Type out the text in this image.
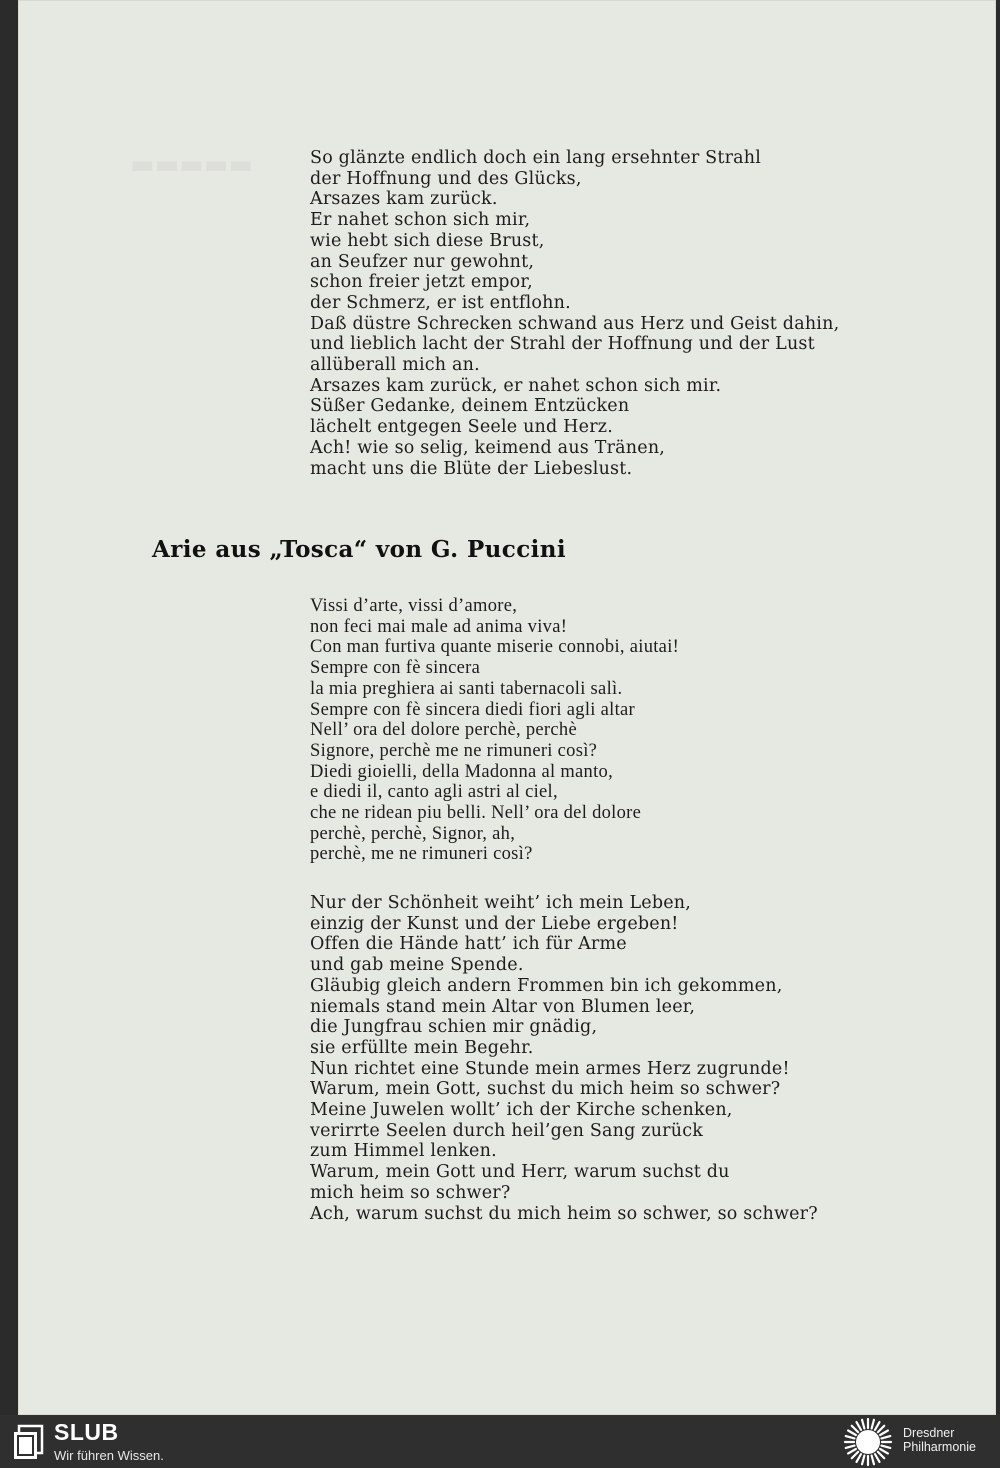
▬▬▬▬▬	So glänzte endlich doch ein lang ersehnter Strahl
der Hoffnung und des Glücks,
Arsazes kam zurück.
Er nahet schon sich mir,
wie hebt sich diese Brust,
an Seufzer nur gewohnt,
schon freier jetzt empor,
der Schmerz, er ist entflohn.
Daß düstre Schrecken schwand aus Herz und Geist dahin,
und lieblich lacht der Strahl der Hoffnung und der Lust
allüberall mich an.
Arsazes kam zurück, er nahet schon sich mir.
Süßer Gedanke, deinem Entzücken
lächelt entgegen Seele und Herz.
Ach! wie so selig, keimend aus Tränen,
macht uns die Blüte der Liebeslust.
Arie aus „Tosca“ von G. Puccini
Vissi d’arte, vissi d’amore,
non feci mai male ad anima viva!
Con man furtiva quante miserie connobi, aiutai!
Sempre con fè sincera
la mia preghiera ai santi tabernacoli salì.
Sempre con fè sincera diedi fiori agli altar
Nell’ ora del dolore perchè, perchè
Signore, perchè me ne rimuneri così?
Diedi gioielli, della Madonna al manto,
e diedi il, canto agli astri al ciel,
che ne ridean piu belli. Nell’ ora del dolore
perchè, perchè, Signor, ah,
perchè, me ne rimuneri così?
Nur der Schönheit weiht’ ich mein Leben,
einzig der Kunst und der Liebe ergeben!
Offen die Hände hatt’ ich für Arme
und gab meine Spende.
Gläubig gleich andern Frommen bin ich gekommen,
niemals stand mein Altar von Blumen leer,
die Jungfrau schien mir gnädig,
sie erfüllte mein Begehr.
Nun richtet eine Stunde mein armes Herz zugrunde!
Warum, mein Gott, suchst du mich heim so schwer?
Meine Juwelen wollt’ ich der Kirche schenken,
verirrte Seelen durch heil’gen Sang zurück
zum Himmel lenken.
Warum, mein Gott und Herr, warum suchst du
mich heim so schwer?
Ach, warum suchst du mich heim so schwer, so schwer?
SLUB
Wir führen Wissen.
Dresdner
Philharmonie
